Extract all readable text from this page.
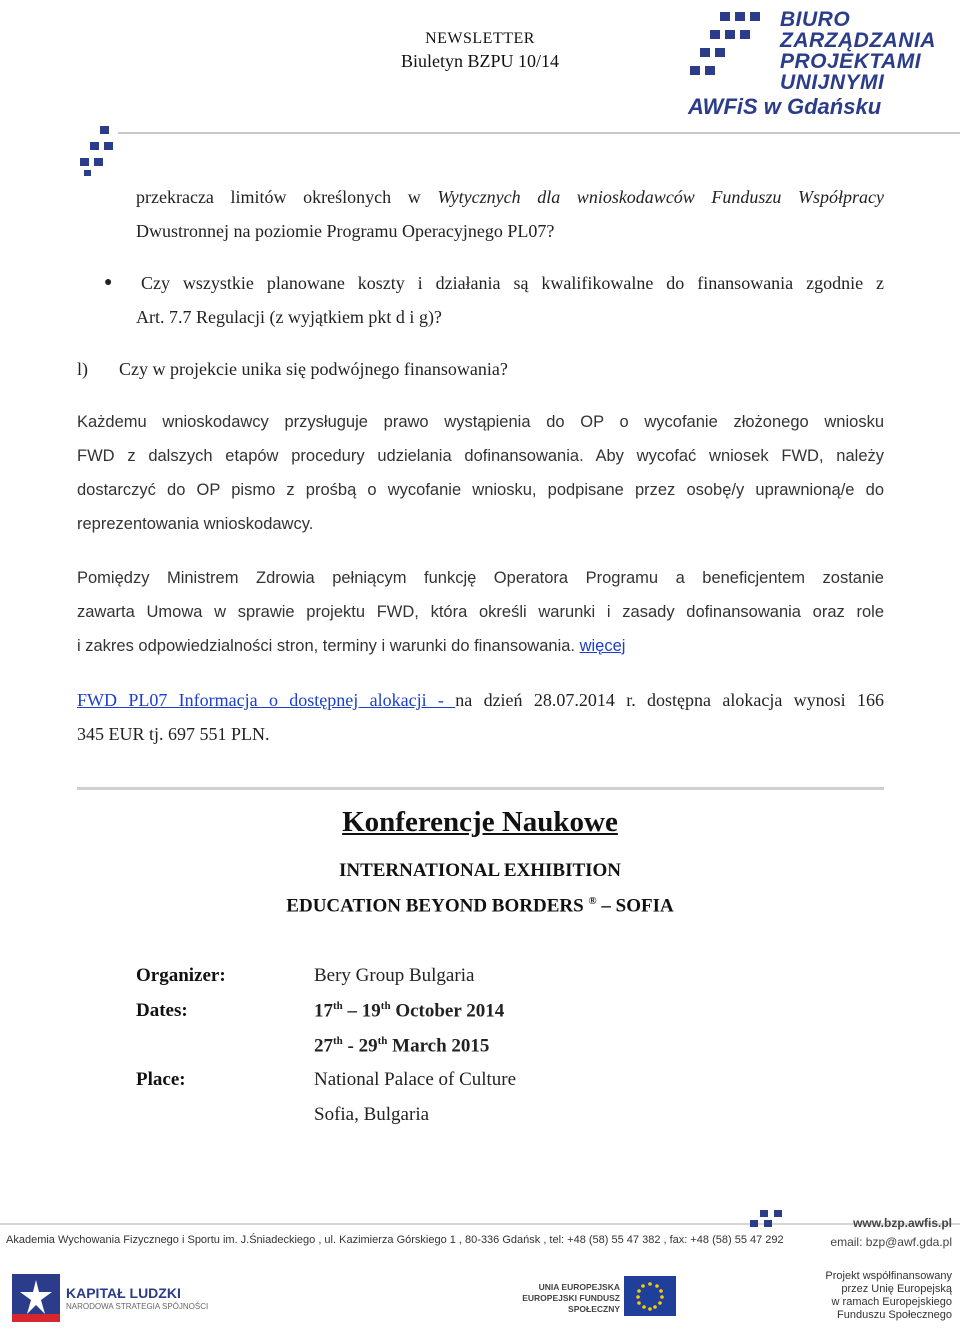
NEWSLETTER
Biuletyn BZPU 10/14
BIURO
ZARZĄDZANIA
PROJEKTAMI
UNIJNYMI
AWFiS w Gdańsku
przekracza limitów określonych w Wytycznych dla wnioskodawców Funduszu Współpracy
Dwustronnej na poziomie Programu Operacyjnego PL07?
● Czy wszystkie planowane koszty i działania są kwalifikowalne do finansowania zgodnie z
Art. 7.7 Regulacji (z wyjątkiem pkt d i g)?
l) Czy w projekcie unika się podwójnego finansowania?
Każdemu wnioskodawcy przysługuje prawo wystąpienia do OP o wycofanie złożonego wniosku
FWD z dalszych etapów procedury udzielania dofinansowania. Aby wycofać wniosek FWD, należy
dostarczyć do OP pismo z prośbą o wycofanie wniosku, podpisane przez osobę/y uprawnioną/e do
reprezentowania wnioskodawcy.
Pomiędzy Ministrem Zdrowia pełniącym funkcję Operatora Programu a beneficjentem zostanie
zawarta Umowa w sprawie projektu FWD, która określi warunki i zasady dofinansowania oraz role
i zakres odpowiedzialności stron, terminy i warunki do finansowania. więcej
FWD PL07 Informacja o dostępnej alokacji - na dzień 28.07.2014 r. dostępna alokacja wynosi 166
345 EUR tj. 697 551 PLN.
Konferencje Naukowe
INTERNATIONAL EXHIBITION
EDUCATION BEYOND BORDERS ® – SOFIA
Organizer:	Bery Group Bulgaria
Dates:	17th – 19th October 2014
27th - 29th March 2015
Place:	National Palace of Culture
Sofia, Bulgaria
www.bzp.awfis.pl
Akademia Wychowania Fizycznego i Sportu im. J.Śniadeckiego , ul. Kazimierza Górskiego 1 , 80-336 Gdańsk , tel: +48 (58) 55 47 382 , fax: +48 (58) 55 47 292	email: bzp@awf.gda.pl
KAPITAŁ LUDZKI
NARODOWA STRATEGIA SPÓJNOŚCI
UNIA EUROPEJSKA EUROPEJSKI FUNDUSZ SPOŁECZNY
Projekt współfinansowany
przez Unię Europejską
w ramach Europejskiego
Funduszu Społecznego
